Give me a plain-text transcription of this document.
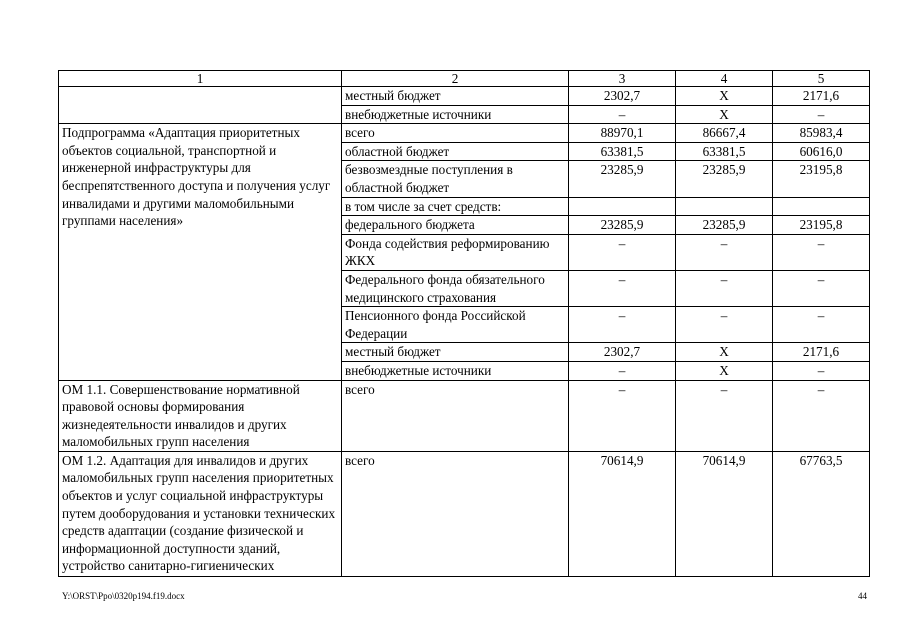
1	2	3	4	5
	местный бюджет	2302,7	X	2171,6
	внебюджетные источники	–	X	–
Подпрограмма «Адаптация приоритетных объектов социальной, транспортной и инженерной инфраструктуры для беспрепятственного доступа и получения услуг инвалидами и другими маломобильными группами населения»	всего	88970,1	86667,4	85983,4
	областной бюджет	63381,5	63381,5	60616,0
	безвозмездные поступления в областной бюджет	23285,9	23285,9	23195,8
	в том числе за счет средств:			
	федерального бюджета	23285,9	23285,9	23195,8
	Фонда содействия реформированию ЖКХ	–	–	–
	Федерального фонда обязательного медицинского страхования	–	–	–
	Пенсионного фонда Российской Федерации	–	–	–
	местный бюджет	2302,7	X	2171,6
	внебюджетные источники	–	X	–
ОМ 1.1. Совершенствование нормативной правовой основы формирования жизнедеятельности инвалидов и других маломобильных групп населения	всего	–	–	–
ОМ 1.2. Адаптация для инвалидов и других маломобильных групп населения приоритетных объектов и услуг социальной инфраструктуры путем дооборудования и установки технических средств адаптации (создание физической и информационной доступности зданий, устройство санитарно-гигиенических	всего	70614,9	70614,9	67763,5
Y:\ORST\Ppo\0320p194.f19.docx	44
